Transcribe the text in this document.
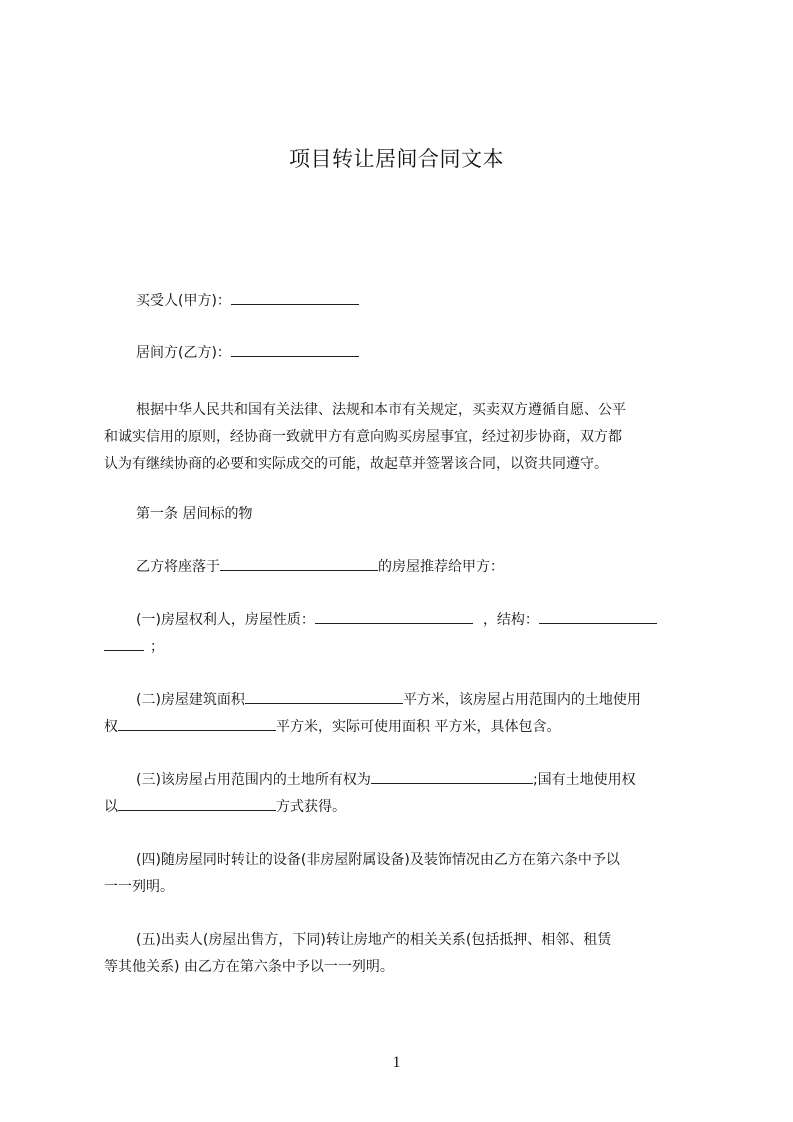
项目转让居间合同文本
买受人(甲方)：
居间方(乙方)：
根据中华人民共和国有关法律、法规和本市有关规定，买卖双方遵循自愿、公平
和诚实信用的原则，经协商一致就甲方有意向购买房屋事宜，经过初步协商，双方都
认为有继续协商的必要和实际成交的可能，故起草并签署该合同，以资共同遵守。
第一条 居间标的物
乙方将座落于	的房屋推荐给甲方：
(一)房屋权利人，房屋性质：	，结构：
；
(二)房屋建筑面积	平方米，该房屋占用范围内的土地使用
权	平方米，实际可使用面积 平方米，具体包含。
(三)该房屋占用范围内的土地所有权为	;国有土地使用权
以	方式获得。
(四)随房屋同时转让的设备(非房屋附属设备)及装饰情况由乙方在第六条中予以
一一列明。
(五)出卖人(房屋出售方，下同)转让房地产的相关关系(包括抵押、相邻、租赁
等其他关系) 由乙方在第六条中予以一一列明。
1
